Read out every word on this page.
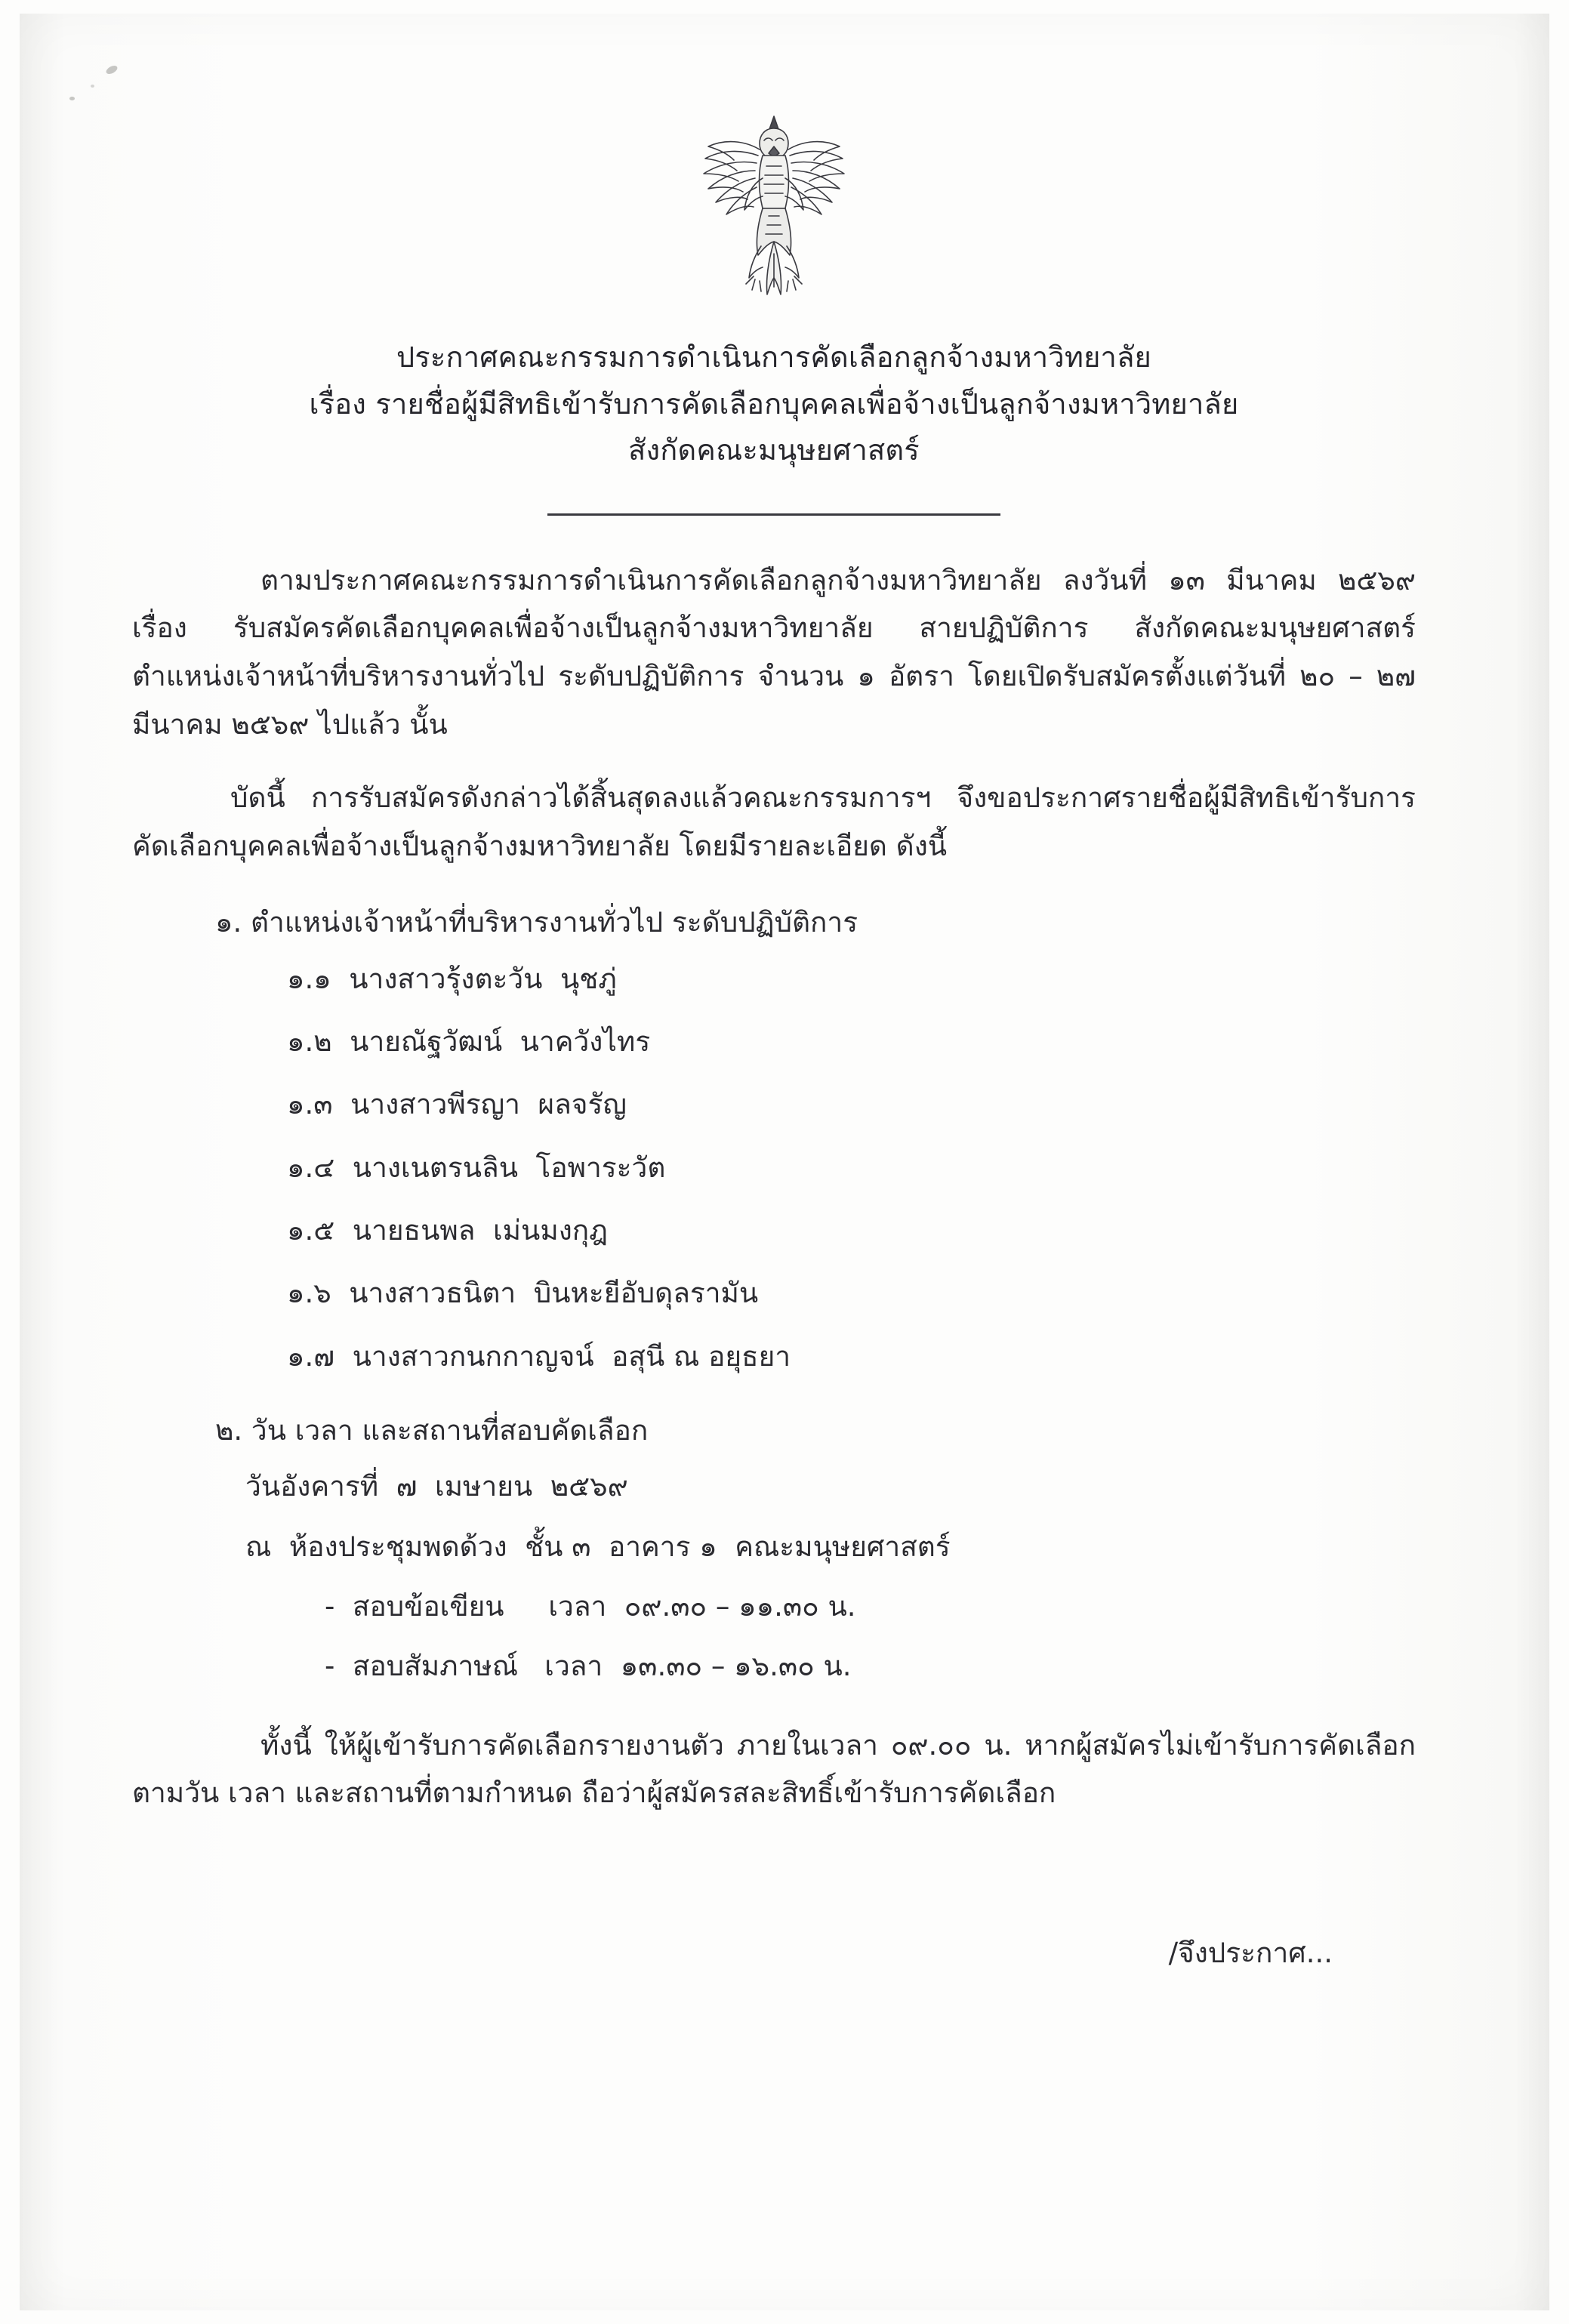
ประกาศคณะกรรมการดำเนินการคัดเลือกลูกจ้างมหาวิทยาลัย
เรื่อง รายชื่อผู้มีสิทธิเข้ารับการคัดเลือกบุคคลเพื่อจ้างเป็นลูกจ้างมหาวิทยาลัย
สังกัดคณะมนุษยศาสตร์

ตามประกาศคณะกรรมการดำเนินการคัดเลือกลูกจ้างมหาวิทยาลัย ลงวันที่ ๑๓ มีนาคม ๒๕๖๙ เรื่อง รับสมัครคัดเลือกบุคคลเพื่อจ้างเป็นลูกจ้างมหาวิทยาลัย สายปฏิบัติการ สังกัดคณะมนุษยศาสตร์ ตำแหน่งเจ้าหน้าที่บริหารงานทั่วไป ระดับปฏิบัติการ จำนวน ๑ อัตรา โดยเปิดรับสมัครตั้งแต่วันที่ ๒๐ – ๒๗ มีนาคม ๒๕๖๙ ไปแล้ว นั้น

บัดนี้ การรับสมัครดังกล่าวได้สิ้นสุดลงแล้วคณะกรรมการฯ จึงขอประกาศรายชื่อผู้มีสิทธิเข้ารับการคัดเลือกบุคคลเพื่อจ้างเป็นลูกจ้างมหาวิทยาลัย โดยมีรายละเอียด ดังนี้

๑. ตำแหน่งเจ้าหน้าที่บริหารงานทั่วไป ระดับปฏิบัติการ
๑.๑  นางสาวรุ้งตะวัน  นุชภู่
๑.๒  นายณัฐวัฒน์  นาควังไทร
๑.๓  นางสาวพีรญา  ผลจรัญ
๑.๔  นางเนตรนลิน  โอพาระวัต
๑.๕  นายธนพล  เม่นมงกุฎ
๑.๖  นางสาวธนิตา  บินหะยีอับดุลรามัน
๑.๗  นางสาวกนกกาญจน์  อสุนี ณ อยุธยา
๒. วัน เวลา และสถานที่สอบคัดเลือก
วันอังคารที่  ๗  เมษายน  ๒๕๖๙
ณ  ห้องประชุมพดด้วง  ชั้น ๓  อาคาร ๑  คณะมนุษยศาสตร์
-  สอบข้อเขียน     เวลา  ๐๙.๓๐ – ๑๑.๓๐ น.
-  สอบสัมภาษณ์   เวลา  ๑๓.๓๐ – ๑๖.๓๐ น.

ทั้งนี้ ให้ผู้เข้ารับการคัดเลือกรายงานตัว ภายในเวลา ๐๙.๐๐ น. หากผู้สมัครไม่เข้ารับการคัดเลือกตามวัน เวลา และสถานที่ตามกำหนด ถือว่าผู้สมัครสละสิทธิ์เข้ารับการคัดเลือก

/จึงประกาศ...
